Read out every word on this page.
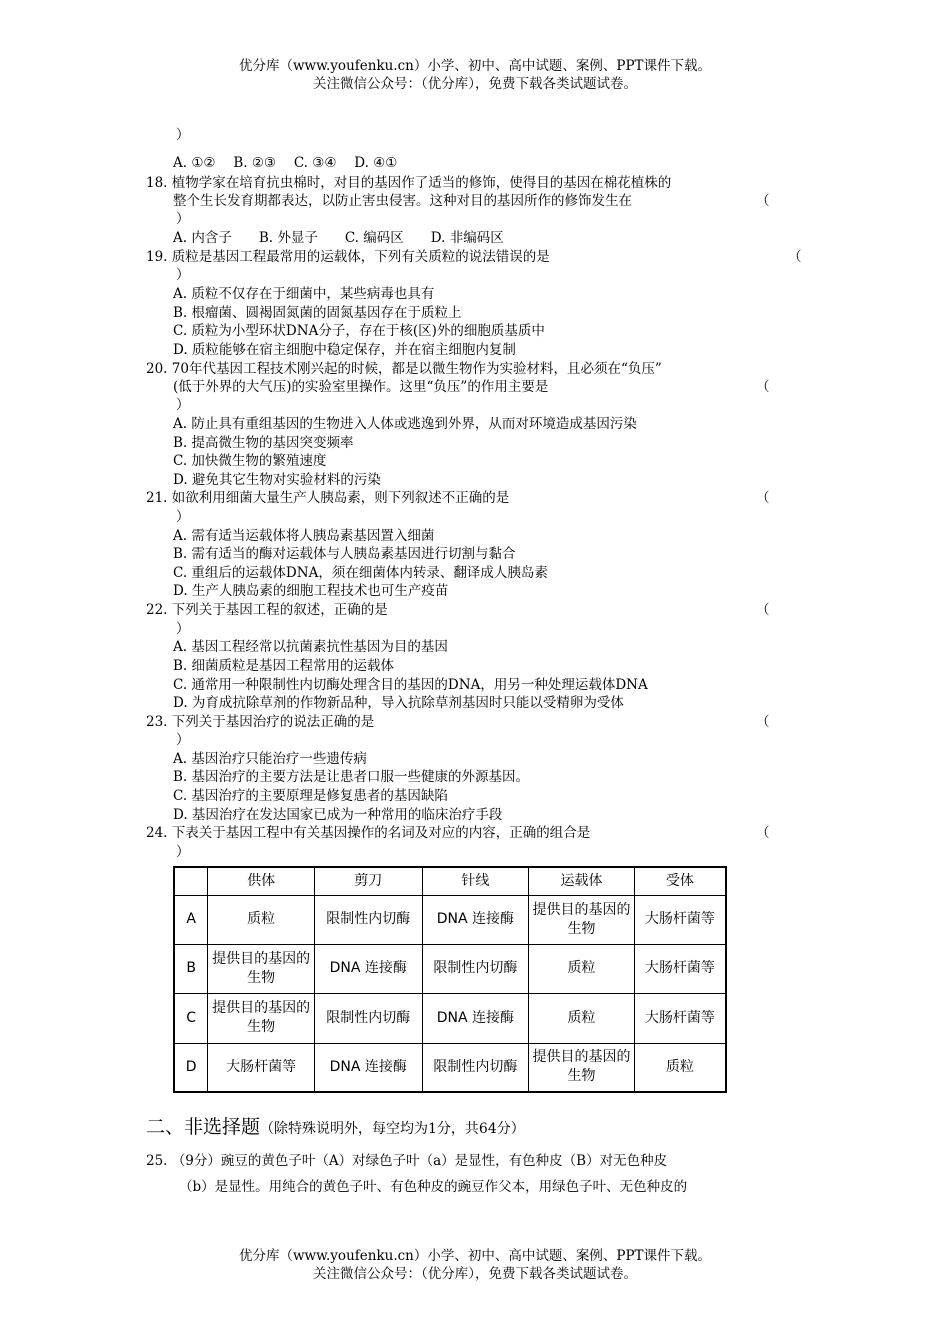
优分库（www.youfenku.cn）小学、初中、高中试题、案例、PPT课件下载。
关注微信公众号：（优分库），免费下载各类试题试卷。
）
A. ①②　 B. ②③　 C. ③④　 D. ④①
18. 植物学家在培育抗虫棉时，对目的基因作了适当的修饰，使得目的基因在棉花植株的
整个生长发育期都表达，以防止害虫侵害。这种对目的基因所作的修饰发生在	（
）
A. 内含子　　B. 外显子　　C. 编码区　　D. 非编码区
19. 质粒是基因工程最常用的运载体，下列有关质粒的说法错误的是	（
）
A. 质粒不仅存在于细菌中，某些病毒也具有
B. 根瘤菌、圆褐固氮菌的固氮基因存在于质粒上
C. 质粒为小型环状DNA分子，存在于核(区)外的细胞质基质中
D. 质粒能够在宿主细胞中稳定保存，并在宿主细胞内复制
20. 70年代基因工程技术刚兴起的时候，都是以微生物作为实验材料，且必须在“负压”
(低于外界的大气压)的实验室里操作。这里“负压”的作用主要是	（
）
A. 防止具有重组基因的生物进入人体或逃逸到外界，从而对环境造成基因污染
B. 提高微生物的基因突变频率
C. 加快微生物的繁殖速度
D. 避免其它生物对实验材料的污染
21. 如欲利用细菌大量生产人胰岛素，则下列叙述不正确的是	（
）
A. 需有适当运载体将人胰岛素基因置入细菌
B. 需有适当的酶对运载体与人胰岛素基因进行切割与黏合
C. 重组后的运载体DNA，须在细菌体内转录、翻译成人胰岛素
D. 生产人胰岛素的细胞工程技术也可生产疫苗
22. 下列关于基因工程的叙述，正确的是	（
）
A. 基因工程经常以抗菌素抗性基因为目的基因
B. 细菌质粒是基因工程常用的运载体
C. 通常用一种限制性内切酶处理含目的基因的DNA，用另一种处理运载体DNA
D. 为育成抗除草剂的作物新品种，导入抗除草剂基因时只能以受精卵为受体
23. 下列关于基因治疗的说法正确的是	（
）
A. 基因治疗只能治疗一些遗传病
B. 基因治疗的主要方法是让患者口服一些健康的外源基因。
C. 基因治疗的主要原理是修复患者的基因缺陷
D. 基因治疗在发达国家已成为一种常用的临床治疗手段
24. 下表关于基因工程中有关基因操作的名词及对应的内容，正确的组合是	（
）
	供体	剪刀	针线	运载体	受体
A	质粒	限制性内切酶	DNA 连接酶	提供目的基因的生物	大肠杆菌等
B	提供目的基因的生物	DNA 连接酶	限制性内切酶	质粒	大肠杆菌等
C	提供目的基因的生物	限制性内切酶	DNA 连接酶	质粒	大肠杆菌等
D	大肠杆菌等	DNA 连接酶	限制性内切酶	提供目的基因的生物	质粒
二、非选择题（除特殊说明外，每空均为1分，共64分）
25. （9分）豌豆的黄色子叶（A）对绿色子叶（a）是显性，有色种皮（B）对无色种皮
（b）是显性。用纯合的黄色子叶、有色种皮的豌豆作父本，用绿色子叶、无色种皮的
优分库（www.youfenku.cn）小学、初中、高中试题、案例、PPT课件下载。
关注微信公众号：（优分库），免费下载各类试题试卷。
